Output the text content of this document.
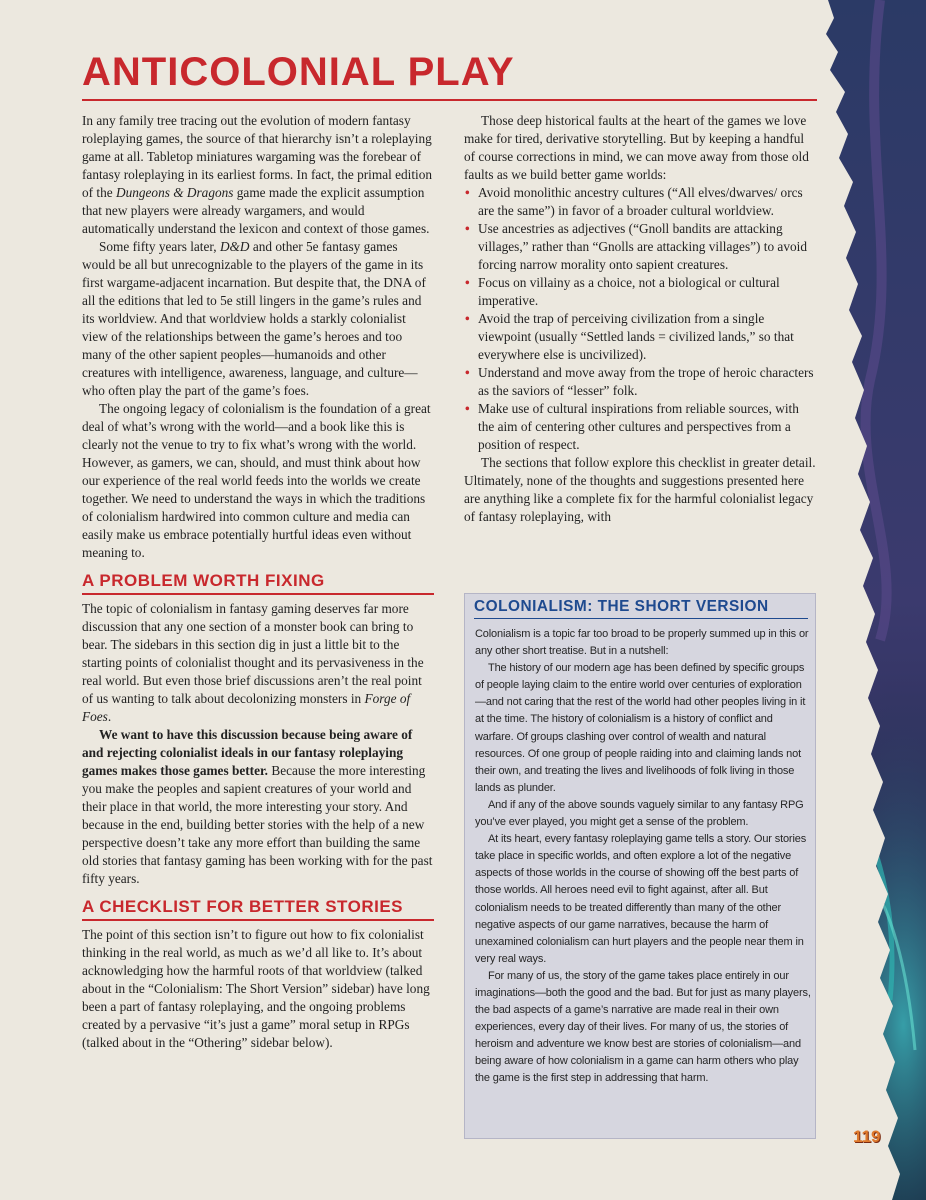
ANTICOLONIAL PLAY

In any family tree tracing out the evolution of modern fantasy roleplaying games, the source of that hierarchy isn’t a roleplaying game at all. Tabletop miniatures wargaming was the forebear of fantasy roleplaying in its earliest forms. In fact, the primal edition of the Dungeons & Dragons game made the explicit assumption that new players were already wargamers, and would automatically understand the lexicon and context of those games.

Some fifty years later, D&D and other 5e fantasy games would be all but unrecognizable to the players of the game in its first wargame-adjacent incarnation. But despite that, the DNA of all the editions that led to 5e still lingers in the game’s rules and its worldview. And that worldview holds a starkly colonialist view of the relationships between the game’s heroes and too many of the other sapient peoples—humanoids and other creatures with intelligence, awareness, language, and culture—who often play the part of the game’s foes.

The ongoing legacy of colonialism is the foundation of a great deal of what’s wrong with the world—and a book like this is clearly not the venue to try to fix what’s wrong with the world. However, as gamers, we can, should, and must think about how our experience of the real world feeds into the worlds we create together. We need to understand the ways in which the traditions of colonialism hardwired into common culture and media can easily make us embrace potentially hurtful ideas even without meaning to.

A PROBLEM WORTH FIXING

The topic of colonialism in fantasy gaming deserves far more discussion that any one section of a monster book can bring to bear. The sidebars in this section dig in just a little bit to the starting points of colonialist thought and its pervasiveness in the real world. But even those brief discussions aren’t the real point of us wanting to talk about decolonizing monsters in Forge of Foes.

We want to have this discussion because being aware of and rejecting colonialist ideals in our fantasy roleplaying games makes those games better. Because the more interesting you make the peoples and sapient creatures of your world and their place in that world, the more interesting your story. And because in the end, building better stories with the help of a new perspective doesn’t take any more effort than building the same old stories that fantasy gaming has been working with for the past fifty years.

A CHECKLIST FOR BETTER STORIES

The point of this section isn’t to figure out how to fix colonialist thinking in the real world, as much as we’d all like to. It’s about acknowledging how the harmful roots of that worldview (talked about in the “Colonialism: The Short Version” sidebar) have long been a part of fantasy roleplaying, and the ongoing problems created by a pervasive “it’s just a game” moral setup in RPGs (talked about in the “Othering” sidebar below).

Those deep historical faults at the heart of the games we love make for tired, derivative storytelling. But by keeping a handful of course corrections in mind, we can move away from those old faults as we build better game worlds:

• Avoid monolithic ancestry cultures (“All elves/dwarves/ orcs are the same”) in favor of a broader cultural worldview.
• Use ancestries as adjectives (“Gnoll bandits are attacking villages,” rather than “Gnolls are attacking villages”) to avoid forcing narrow morality onto sapient creatures.
• Focus on villainy as a choice, not a biological or cultural imperative.
• Avoid the trap of perceiving civilization from a single viewpoint (usually “Settled lands = civilized lands,” so that everywhere else is uncivilized).
• Understand and move away from the trope of heroic characters as the saviors of “lesser” folk.
• Make use of cultural inspirations from reliable sources, with the aim of centering other cultures and perspectives from a position of respect.

The sections that follow explore this checklist in greater detail. Ultimately, none of the thoughts and suggestions presented here are anything like a complete fix for the harmful colonialist legacy of fantasy roleplaying, with

COLONIALISM: THE SHORT VERSION

Colonialism is a topic far too broad to be properly summed up in this or any other short treatise. But in a nutshell:

The history of our modern age has been defined by specific groups of people laying claim to the entire world over centuries of exploration—and not caring that the rest of the world had other peoples living in it at the time. The history of colonialism is a history of conflict and warfare. Of groups clashing over control of wealth and natural resources. Of one group of people raiding into and claiming lands not their own, and treating the lives and livelihoods of folk living in those lands as plunder.

And if any of the above sounds vaguely similar to any fantasy RPG you’ve ever played, you might get a sense of the problem.

At its heart, every fantasy roleplaying game tells a story. Our stories take place in specific worlds, and often explore a lot of the negative aspects of those worlds in the course of showing off the best parts of those worlds. All heroes need evil to fight against, after all. But colonialism needs to be treated differently than many of the other negative aspects of our game narratives, because the harm of unexamined colonialism can hurt players and the people near them in very real ways.

For many of us, the story of the game takes place entirely in our imaginations—both the good and the bad. But for just as many players, the bad aspects of a game’s narrative are made real in their own experiences, every day of their lives. For many of us, the stories of heroism and adventure we know best are stories of colonialism—and being aware of how colonialism in a game can harm others who play the game is the first step in addressing that harm.

119
